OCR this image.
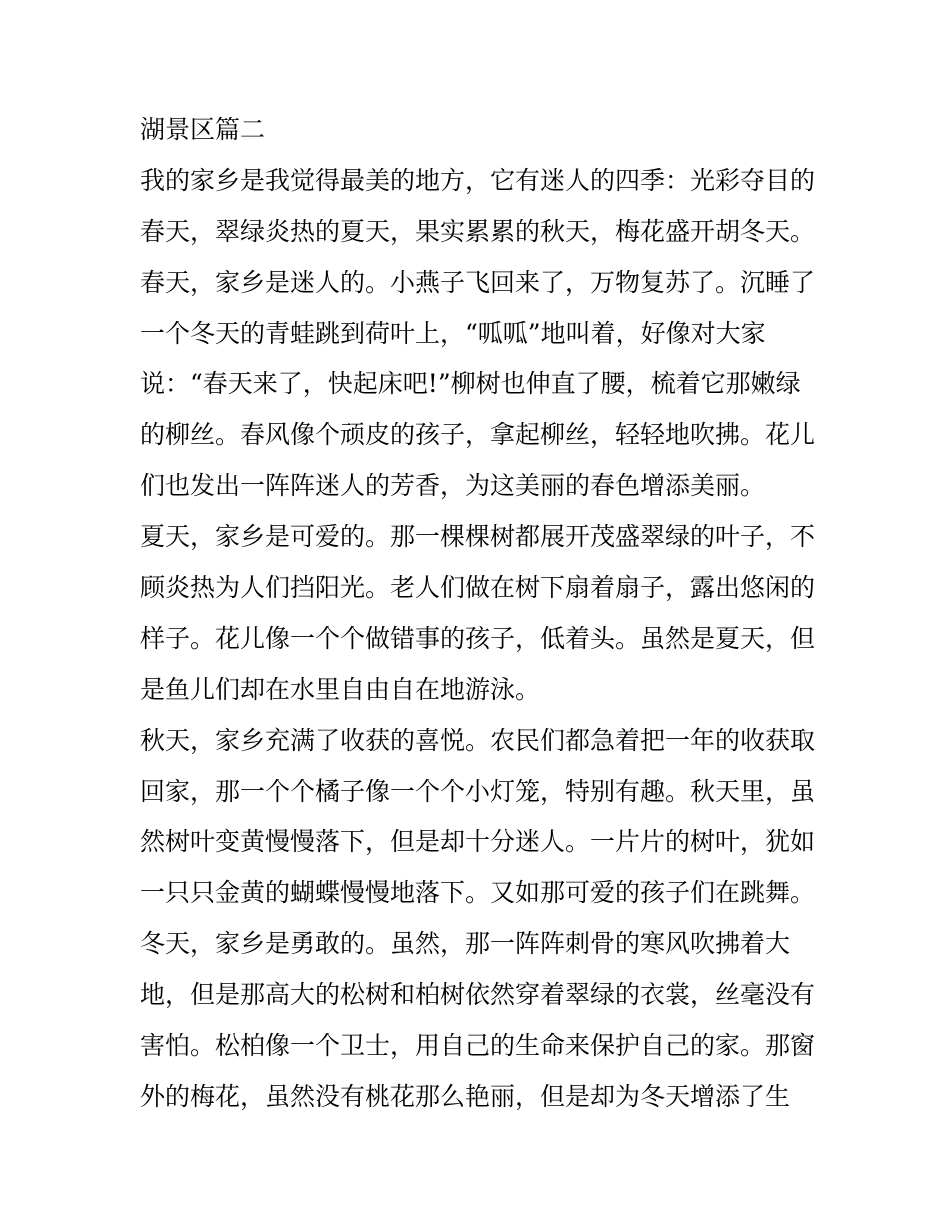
湖景区篇二
我的家乡是我觉得最美的地方，它有迷人的四季：光彩夺目的
春天，翠绿炎热的夏天，果实累累的秋天，梅花盛开胡冬天。
春天，家乡是迷人的。小燕子飞回来了，万物复苏了。沉睡了
一个冬天的青蛙跳到荷叶上，“呱呱”地叫着，好像对大家
说：“春天来了，快起床吧!”柳树也伸直了腰，梳着它那嫩绿
的柳丝。春风像个顽皮的孩子，拿起柳丝，轻轻地吹拂。花儿
们也发出一阵阵迷人的芳香，为这美丽的春色增添美丽。
夏天，家乡是可爱的。那一棵棵树都展开茂盛翠绿的叶子，不
顾炎热为人们挡阳光。老人们做在树下扇着扇子，露出悠闲的
样子。花儿像一个个做错事的孩子，低着头。虽然是夏天，但
是鱼儿们却在水里自由自在地游泳。
秋天，家乡充满了收获的喜悦。农民们都急着把一年的收获取
回家，那一个个橘子像一个个小灯笼，特别有趣。秋天里，虽
然树叶变黄慢慢落下，但是却十分迷人。一片片的树叶，犹如
一只只金黄的蝴蝶慢慢地落下。又如那可爱的孩子们在跳舞。
冬天，家乡是勇敢的。虽然，那一阵阵刺骨的寒风吹拂着大
地，但是那高大的松树和柏树依然穿着翠绿的衣裳，丝毫没有
害怕。松柏像一个卫士，用自己的生命来保护自己的家。那窗
外的梅花，虽然没有桃花那么艳丽，但是却为冬天增添了生
